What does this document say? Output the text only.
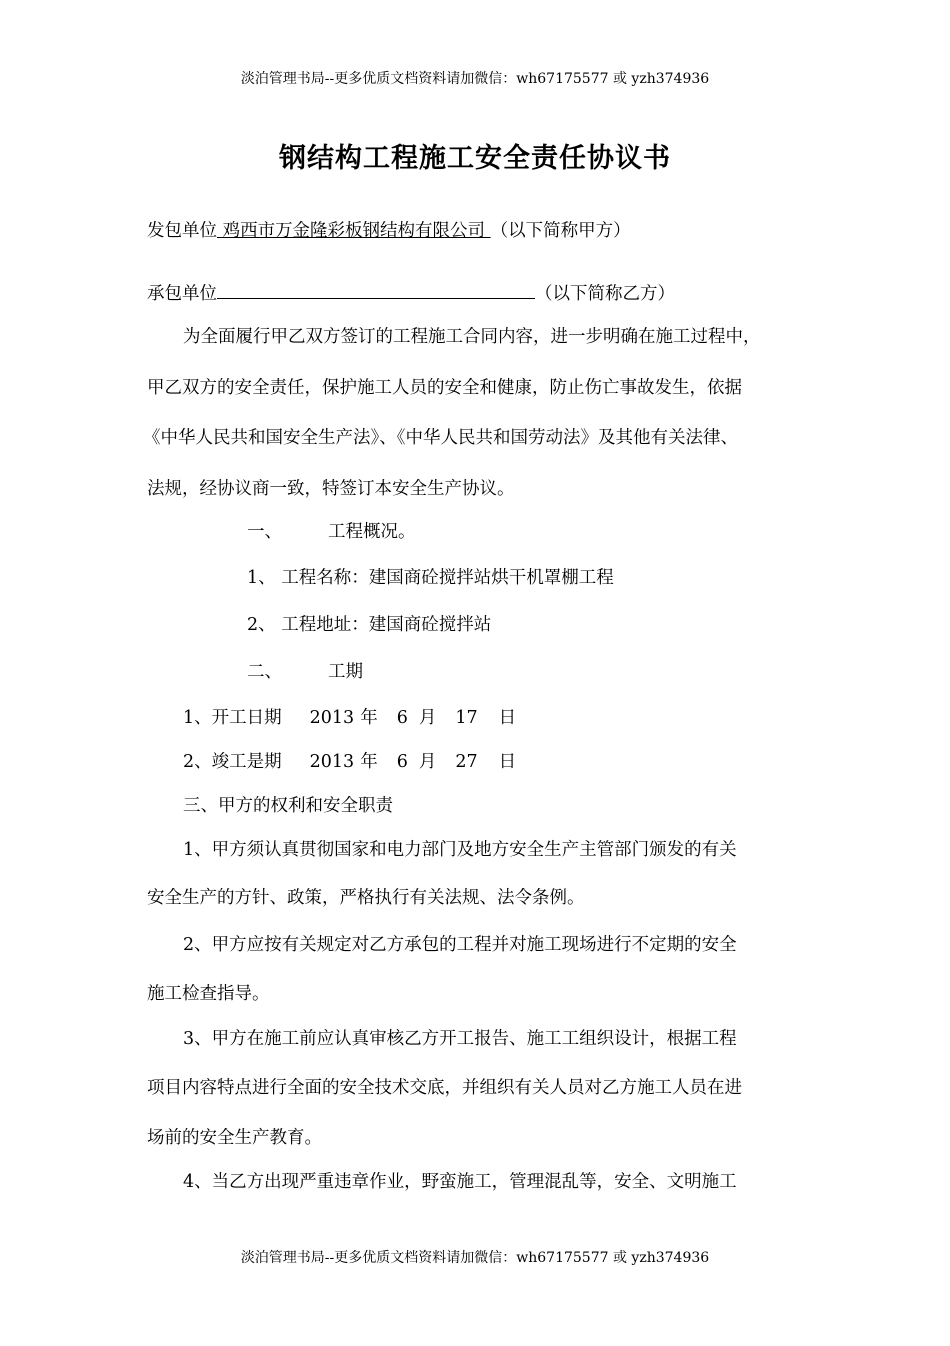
淡泊管理书局--更多优质文档资料请加微信：wh67175577 或 yzh374936
钢结构工程施工安全责任协议书
发包单位 鸡西市万金隆彩板钢结构有限公司 （以下简称甲方）
承包单位	（以下简称乙方）
为全面履行甲乙双方签订的工程施工合同内容，进一步明确在施工过程中，
甲乙双方的安全责任，保护施工人员的安全和健康，防止伤亡事故发生，依据
《中华人民共和国安全生产法》、《中华人民共和国劳动法》及其他有关法律、
法规，经协议商一致，特签订本安全生产协议。
一、	工程概况。
1、 工程名称：建国商砼搅拌站烘干机罩棚工程
2、 工程地址：建国商砼搅拌站
二、	工期
1、开工日期 2013 年 6 月 17 日
2、竣工是期 2013 年 6 月 27 日
三、甲方的权利和安全职责
1、甲方须认真贯彻国家和电力部门及地方安全生产主管部门颁发的有关
安全生产的方针、政策，严格执行有关法规、法令条例。
2、甲方应按有关规定对乙方承包的工程并对施工现场进行不定期的安全
施工检查指导。
3、甲方在施工前应认真审核乙方开工报告、施工工组织设计，根据工程
项目内容特点进行全面的安全技术交底，并组织有关人员对乙方施工人员在进
场前的安全生产教育。
4、当乙方出现严重违章作业，野蛮施工，管理混乱等，安全、文明施工
淡泊管理书局--更多优质文档资料请加微信：wh67175577 或 yzh374936
